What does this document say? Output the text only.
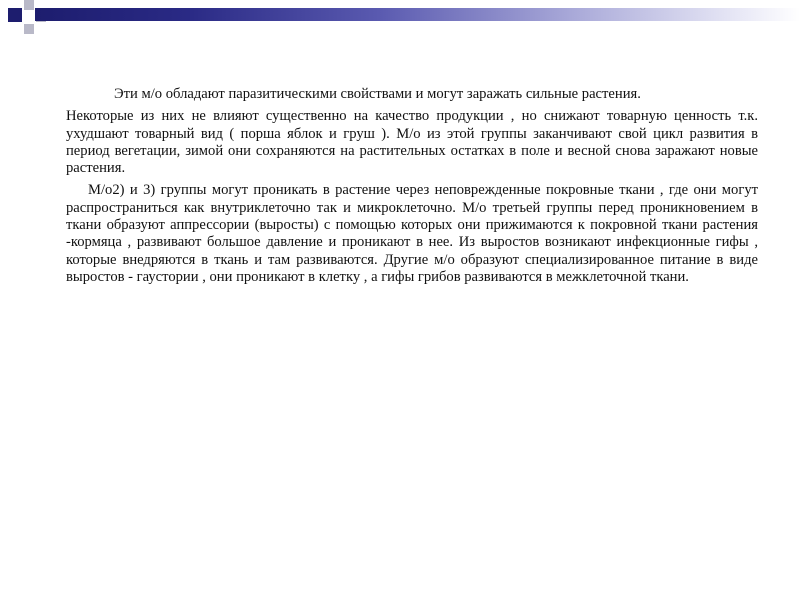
Эти м/о обладают паразитическими свойствами и могут заражать сильные растения.

Некоторые из них не влияют существенно на качество продукции , но снижают товарную ценность т.к. ухудшают товарный вид ( порша яблок и груш ). М/о из этой группы заканчивают свой цикл развития в период вегетации, зимой они сохраняются на растительных остатках в поле и весной снова заражают новые растения.

М/о2) и 3) группы могут проникать в растение через неповрежденные покровные ткани , где они могут распространиться как внутриклеточно так и микроклеточно. М/о третьей группы перед проникновением в ткани образуют аппрессории (выросты) с помощью которых они прижимаются к покровной ткани растения -кормяца , развивают большое давление и проникают в нее. Из выростов возникают инфекционные гифы , которые внедряются в ткань и там развиваются. Другие м/о образуют специализированное питание в виде выростов - гаустории , они проникают в клетку , а гифы грибов развиваются в межклеточной ткани.
